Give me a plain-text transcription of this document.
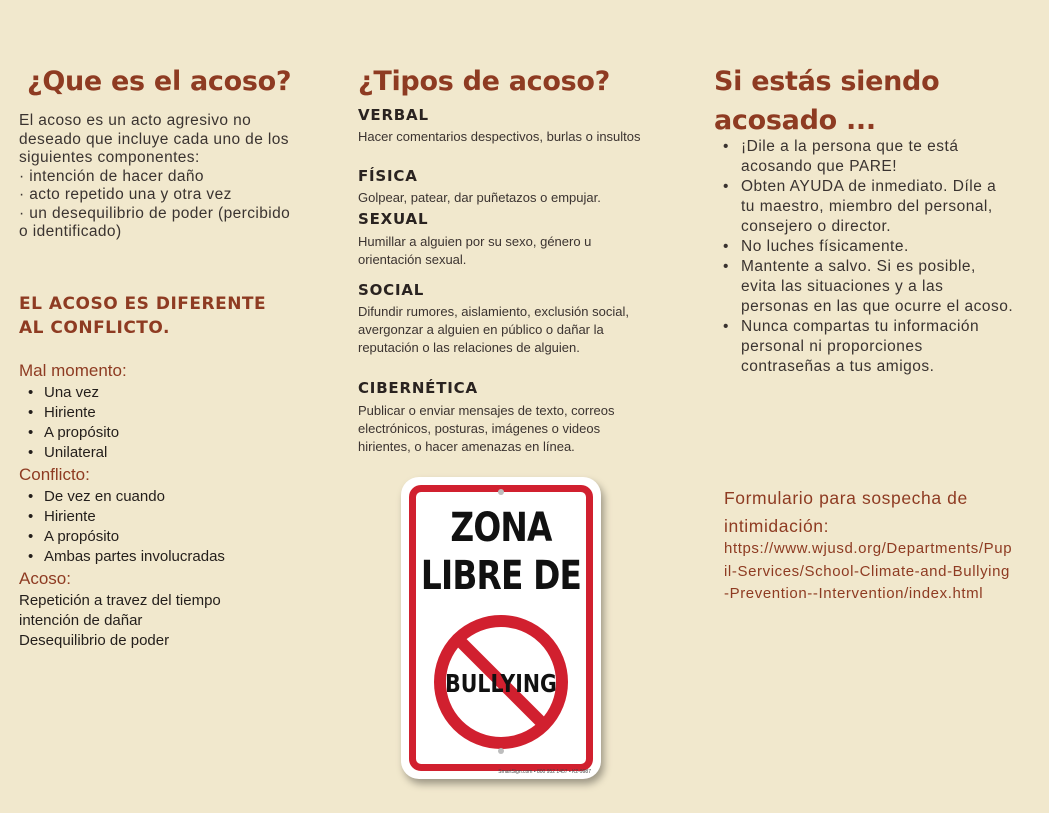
¿Que es el acoso?
El acoso es un acto agresivo no
deseado que incluye cada uno de los
siguientes componentes:
· intención de hacer daño
· acto repetido una y otra vez
· un desequilibrio de poder (percibido
o identificado)
EL ACOSO ES DIFERENTE
AL CONFLICTO.
Mal momento:
• Una vez
• Hiriente
• A propósito
• Unilateral
Conflicto:
• De vez en cuando
• Hiriente
• A propósito
• Ambas partes involucradas
Acoso:
Repetición a travez del tiempo
intención de dañar
Desequilibrio de poder
¿Tipos de acoso?
VERBAL
Hacer comentarios despectivos, burlas o insultos
FÍSICA
Golpear, patear, dar puñetazos o empujar.
SEXUAL
Humillar a alguien por su sexo, género u orientación sexual.
SOCIAL
Difundir rumores, aislamiento, exclusión social, avergonzar a alguien en público o dañar la reputación o las relaciones de alguien.
CIBERNÉTICA
Publicar o enviar mensajes de texto, correos electrónicos, posturas, imágenes o videos hirientes, o hacer amenazas en línea.
ZONA
LIBRE DE
BULLYING
SmartSign.com • 800 952 1457 • K2-9987
Si estás siendo
acosado ...
• ¡Dile a la persona que te está acosando que PARE!
• Obten AYUDA de inmediato. Díle a tu maestro, miembro del personal, consejero o director.
• No luches físicamente.
• Mantente a salvo. Si es posible, evita las situaciones y a las personas en las que ocurre el acoso.
• Nunca compartas tu información personal ni proporciones contraseñas a tus amigos.
Formulario para sospecha de intimidación:
https://www.wjusd.org/Departments/Pupil-Services/School-Climate-and-Bullying-Prevention--Intervention/index.html
